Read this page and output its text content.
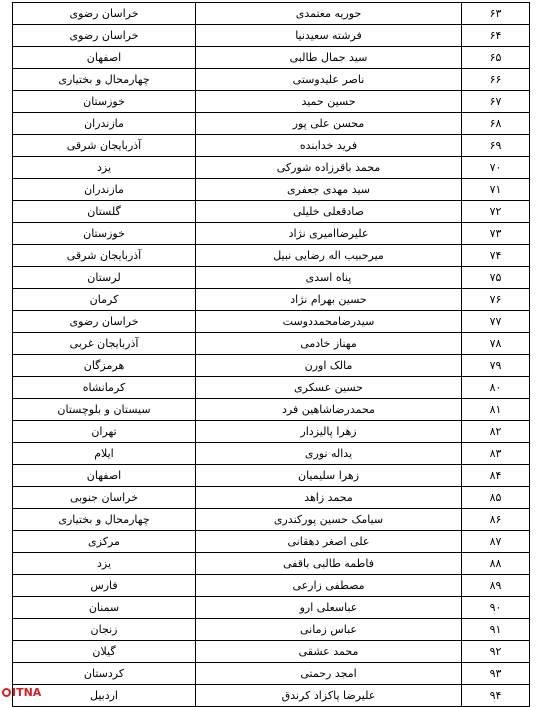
۶۳	حوریه معتمدی	خراسان رضوی
۶۴	فرشته سعیدنیا	خراسان رضوی
۶۵	سید جمال طالبی	اصفهان
۶۶	ناصر علیدوستی	چهارمحال و بختیاری
۶۷	حسین حمید	خوزستان
۶۸	محسن علی پور	مازندران
۶۹	فرید خدابنده	آذربایجان شرقی
۷۰	محمد باقرزاده شورکی	یزد
۷۱	سید مهدی جعفری	مازندران
۷۲	صادقعلی خلیلی	گلستان
۷۳	علیرضاامیری نژاد	خوزستان
۷۴	میرحبیب اله رضایی نبیل	آذربایجان شرقی
۷۵	پناه اسدی	لرستان
۷۶	حسین بهرام نژاد	کرمان
۷۷	سیدرضامحمددوست	خراسان رضوی
۷۸	مهناز خادمی	آذربایجان غربی
۷۹	مالک اورن	هرمزگان
۸۰	حسین عسکری	کرمانشاه
۸۱	محمدرضاشاهین فرد	سیستان و بلوچستان
۸۲	زهرا پالیزدار	تهران
۸۳	یداله نوری	ایلام
۸۴	زهرا سلیمیان	اصفهان
۸۵	محمد زاهد	خراسان جنوبی
۸۶	سیامک حسین پورکندری	چهارمحال و بختیاری
۸۷	علی اصغر دهقانی	مرکزی
۸۸	فاطمه طالبی باقفی	یزد
۸۹	مصطفی زارعی	فارس
۹۰	عباسعلی ارو	سمنان
۹۱	عباس زمانی	زنجان
۹۲	محمد عشقی	گیلان
۹۳	امجد رحمتی	کردستان
۹۴	علیرضا پاکزاد کرندق	اردبیل
ITNA
